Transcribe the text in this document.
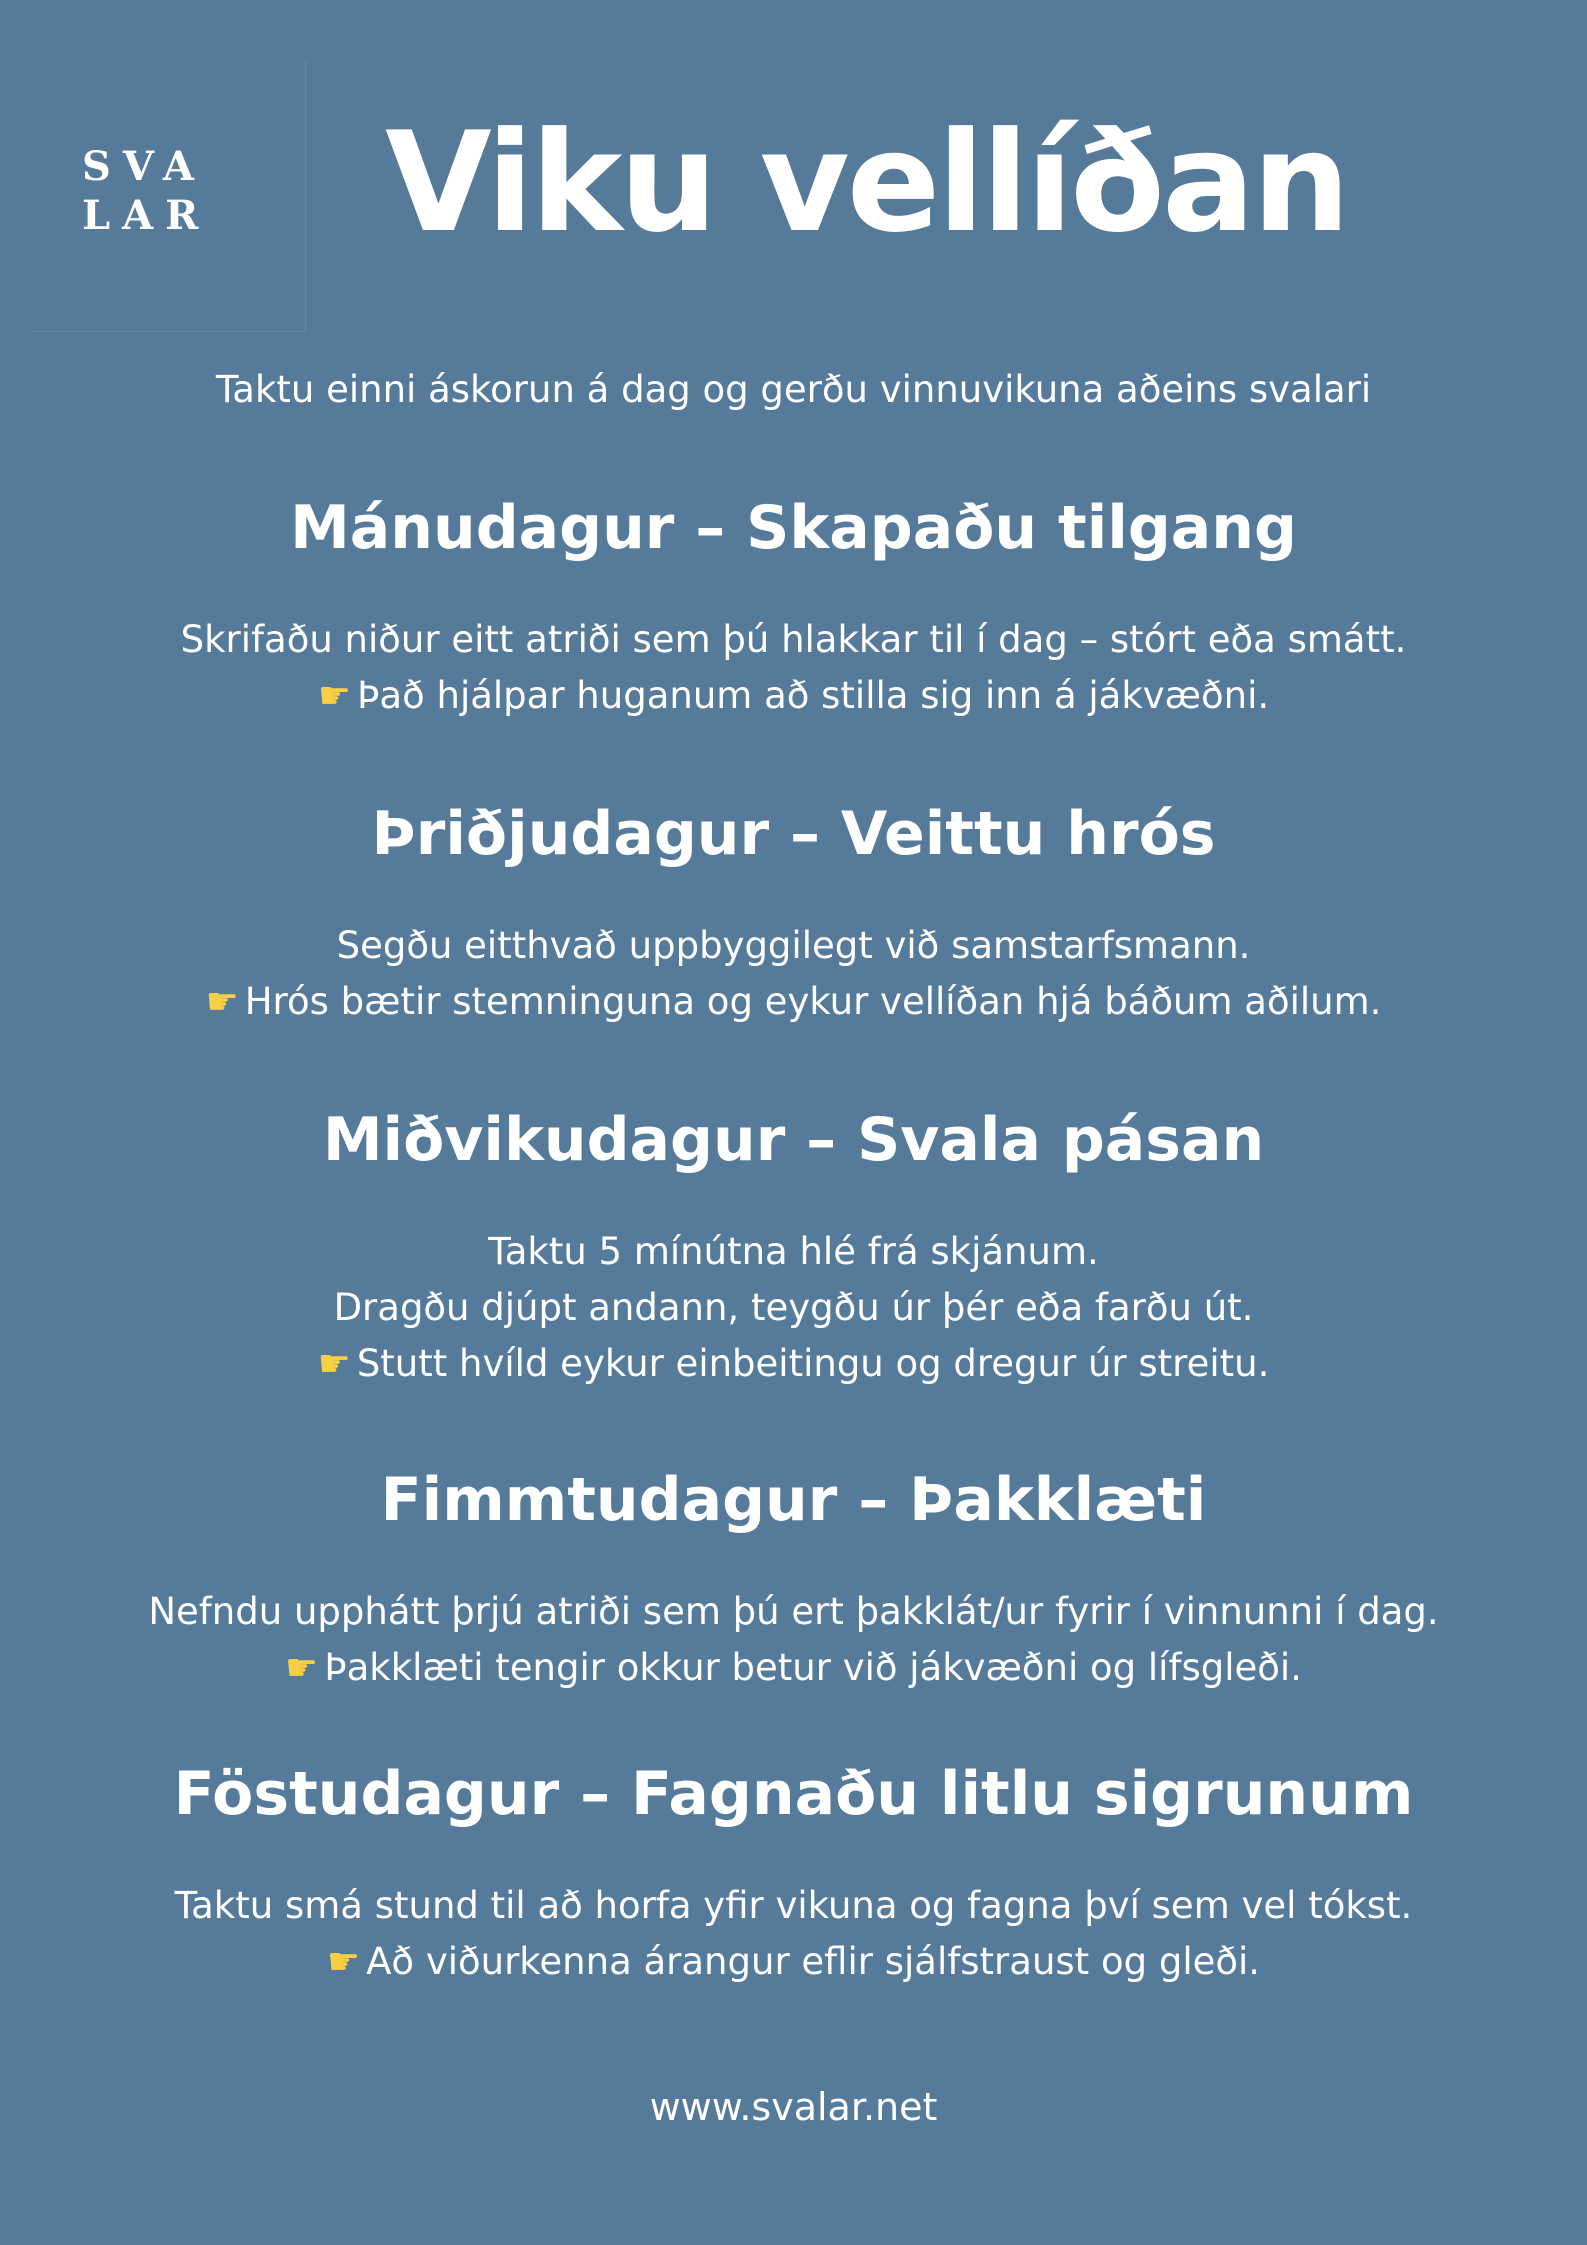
SVA
LAR Viku vellíðan
Taktu einni áskorun á dag og gerðu vinnuvikuna aðeins svalari
Mánudagur – Skapaðu tilgang
Skrifaðu niður eitt atriði sem þú hlakkar til í dag – stórt eða smátt.
☛ Það hjálpar huganum að stilla sig inn á jákvæðni.
Þriðjudagur – Veittu hrós
Segðu eitthvað uppbyggilegt við samstarfsmann.
☛ Hrós bætir stemninguna og eykur vellíðan hjá báðum aðilum.
Miðvikudagur – Svala pásan
Taktu 5 mínútna hlé frá skjánum.
Dragðu djúpt andann, teygðu úr þér eða farðu út.
☛ Stutt hvíld eykur einbeitingu og dregur úr streitu.
Fimmtudagur – Þakklæti
Nefndu upphátt þrjú atriði sem þú ert þakklát/ur fyrir í vinnunni í dag.
☛ Þakklæti tengir okkur betur við jákvæðni og lífsgleði.
Föstudagur – Fagnaðu litlu sigrunum
Taktu smá stund til að horfa yfir vikuna og fagna því sem vel tókst.
☛ Að viðurkenna árangur eflir sjálfstraust og gleði.
www.svalar.net
